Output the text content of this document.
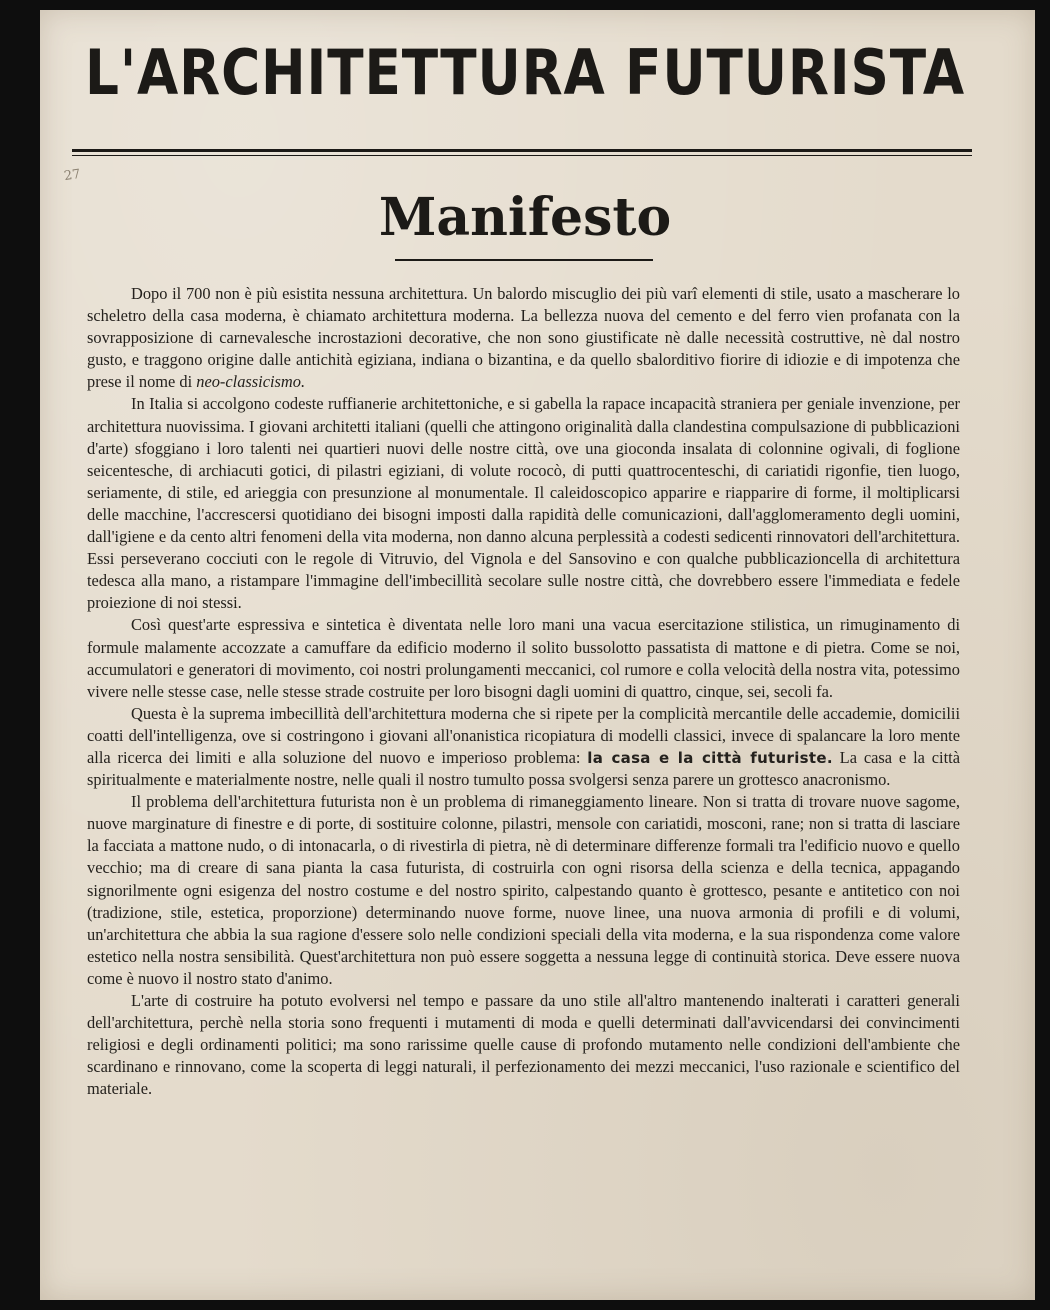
L'ARCHITETTURA FUTURISTA
27
Manifesto

Dopo il 700 non è più esistita nessuna architettura. Un balordo miscuglio dei più varî elementi di stile, usato a mascherare lo scheletro della casa moderna, è chiamato architettura moderna. La bellezza nuova del cemento e del ferro vien profanata con la sovrapposizione di carnevalesche incrostazioni decorative, che non sono giustificate nè dalle necessità costruttive, nè dal nostro gusto, e traggono origine dalle antichità egiziana, indiana o bizantina, e da quello sbalorditivo fiorire di idiozie e di impotenza che prese il nome di neo-classicismo.

In Italia si accolgono codeste ruffianerie architettoniche, e si gabella la rapace incapacità straniera per geniale invenzione, per architettura nuovissima. I giovani architetti italiani (quelli che attingono originalità dalla clandestina compulsazione di pubblicazioni d'arte) sfoggiano i loro talenti nei quartieri nuovi delle nostre città, ove una gioconda insalata di colonnine ogivali, di foglione seicentesche, di archiacuti gotici, di pilastri egiziani, di volute rococò, di putti quattrocenteschi, di cariatidi rigonfie, tien luogo, seriamente, di stile, ed arieggia con presunzione al monumentale. Il caleidoscopico apparire e riapparire di forme, il moltiplicarsi delle macchine, l'accrescersi quotidiano dei bisogni imposti dalla rapidità delle comunicazioni, dall'agglomeramento degli uomini, dall'igiene e da cento altri fenomeni della vita moderna, non danno alcuna perplessità a codesti sedicenti rinnovatori dell'architettura. Essi perseverano cocciuti con le regole di Vitruvio, del Vignola e del Sansovino e con qualche pubblicazioncella di architettura tedesca alla mano, a ristampare l'immagine dell'imbecillità secolare sulle nostre città, che dovrebbero essere l'immediata e fedele proiezione di noi stessi.

Così quest'arte espressiva e sintetica è diventata nelle loro mani una vacua esercitazione stilistica, un rimuginamento di formule malamente accozzate a camuffare da edificio moderno il solito bussolotto passatista di mattone e di pietra. Come se noi, accumulatori e generatori di movimento, coi nostri prolungamenti meccanici, col rumore e colla velocità della nostra vita, potessimo vivere nelle stesse case, nelle stesse strade costruite per loro bisogni dagli uomini di quattro, cinque, sei, secoli fa.

Questa è la suprema imbecillità dell'architettura moderna che si ripete per la complicità mercantile delle accademie, domicilii coatti dell'intelligenza, ove si costringono i giovani all'onanistica ricopiatura di modelli classici, invece di spalancare la loro mente alla ricerca dei limiti e alla soluzione del nuovo e imperioso problema: la casa e la città futuriste. La casa e la città spiritualmente e materialmente nostre, nelle quali il nostro tumulto possa svolgersi senza parere un grottesco anacronismo.

Il problema dell'architettura futurista non è un problema di rimaneggiamento lineare. Non si tratta di trovare nuove sagome, nuove marginature di finestre e di porte, di sostituire colonne, pilastri, mensole con cariatidi, mosconi, rane; non si tratta di lasciare la facciata a mattone nudo, o di intonacarla, o di rivestirla di pietra, nè di determinare differenze formali tra l'edificio nuovo e quello vecchio; ma di creare di sana pianta la casa futurista, di costruirla con ogni risorsa della scienza e della tecnica, appagando signorilmente ogni esigenza del nostro costume e del nostro spirito, calpestando quanto è grottesco, pesante e antitetico con noi (tradizione, stile, estetica, proporzione) determinando nuove forme, nuove linee, una nuova armonia di profili e di volumi, un'architettura che abbia la sua ragione d'essere solo nelle condizioni speciali della vita moderna, e la sua rispondenza come valore estetico nella nostra sensibilità. Quest'architettura non può essere soggetta a nessuna legge di continuità storica. Deve essere nuova come è nuovo il nostro stato d'animo.

L'arte di costruire ha potuto evolversi nel tempo e passare da uno stile all'altro mantenendo inalterati i caratteri generali dell'architettura, perchè nella storia sono frequenti i mutamenti di moda e quelli determinati dall'avvicendarsi dei convincimenti religiosi e degli ordinamenti politici; ma sono rarissime quelle cause di profondo mutamento nelle condizioni dell'ambiente che scardinano e rinnovano, come la scoperta di leggi naturali, il perfezionamento dei mezzi meccanici, l'uso razionale e scientifico del materiale.
